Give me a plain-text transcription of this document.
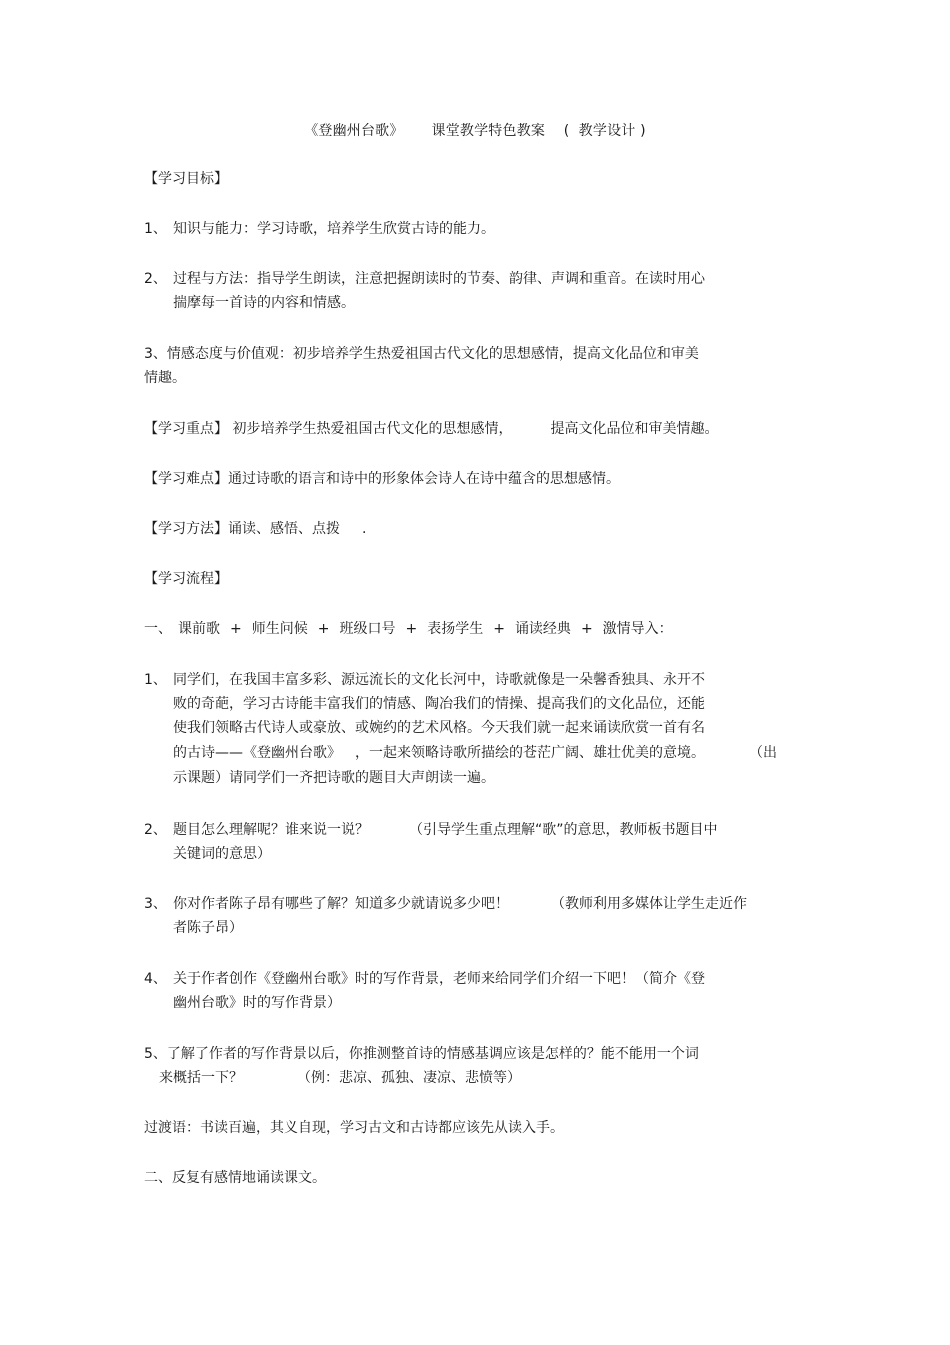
《登幽州台歌》 课堂教学特色教案 (  教学设计 )
【学习目标】
1、 知识与能力：学习诗歌，培养学生欣赏古诗的能力。
2、 过程与方法：指导学生朗读，注意把握朗读时的节奏、韵律、声调和重音。在读时用心
揣摩每一首诗的内容和情感。
3、情感态度与价值观：初步培养学生热爱祖国古代文化的思想感情，提高文化品位和审美
情趣。
【学习重点】 初步培养学生热爱祖国古代文化的思想感情，	提高文化品位和审美情趣。
【学习难点】通过诗歌的语言和诗中的形象体会诗人在诗中蕴含的思想感情。
【学习方法】诵读、感悟、点拨 .
【学习流程】
一、 课前歌 + 师生问候 + 班级口号 + 表扬学生 + 诵读经典 + 激情导入：
1、 同学们，在我国丰富多彩、源远流长的文化长河中，诗歌就像是一朵馨香独具、永开不
败的奇葩，学习古诗能丰富我们的情感、陶冶我们的情操、提高我们的文化品位，还能
使我们领略古代诗人或豪放、或婉约的艺术风格。今天我们就一起来诵读欣赏一首有名
的古诗——《登幽州台歌》 ，一起来领略诗歌所描绘的苍茫广阔、雄壮优美的意境。	（出
示课题）请同学们一齐把诗歌的题目大声朗读一遍。
2、 题目怎么理解呢？谁来说一说？	（引导学生重点理解“歌”的意思，教师板书题目中
关键词的意思）
3、 你对作者陈子昂有哪些了解？知道多少就请说多少吧！	（教师利用多媒体让学生走近作
者陈子昂）
4、 关于作者创作《登幽州台歌》时的写作背景，老师来给同学们介绍一下吧！（简介《登
幽州台歌》时的写作背景）
5、了解了作者的写作背景以后，你推测整首诗的情感基调应该是怎样的？能不能用一个词
来概括一下？	（例：悲凉、孤独、凄凉、悲愤等）
过渡语：书读百遍，其义自现，学习古文和古诗都应该先从读入手。
二、反复有感情地诵读课文。
